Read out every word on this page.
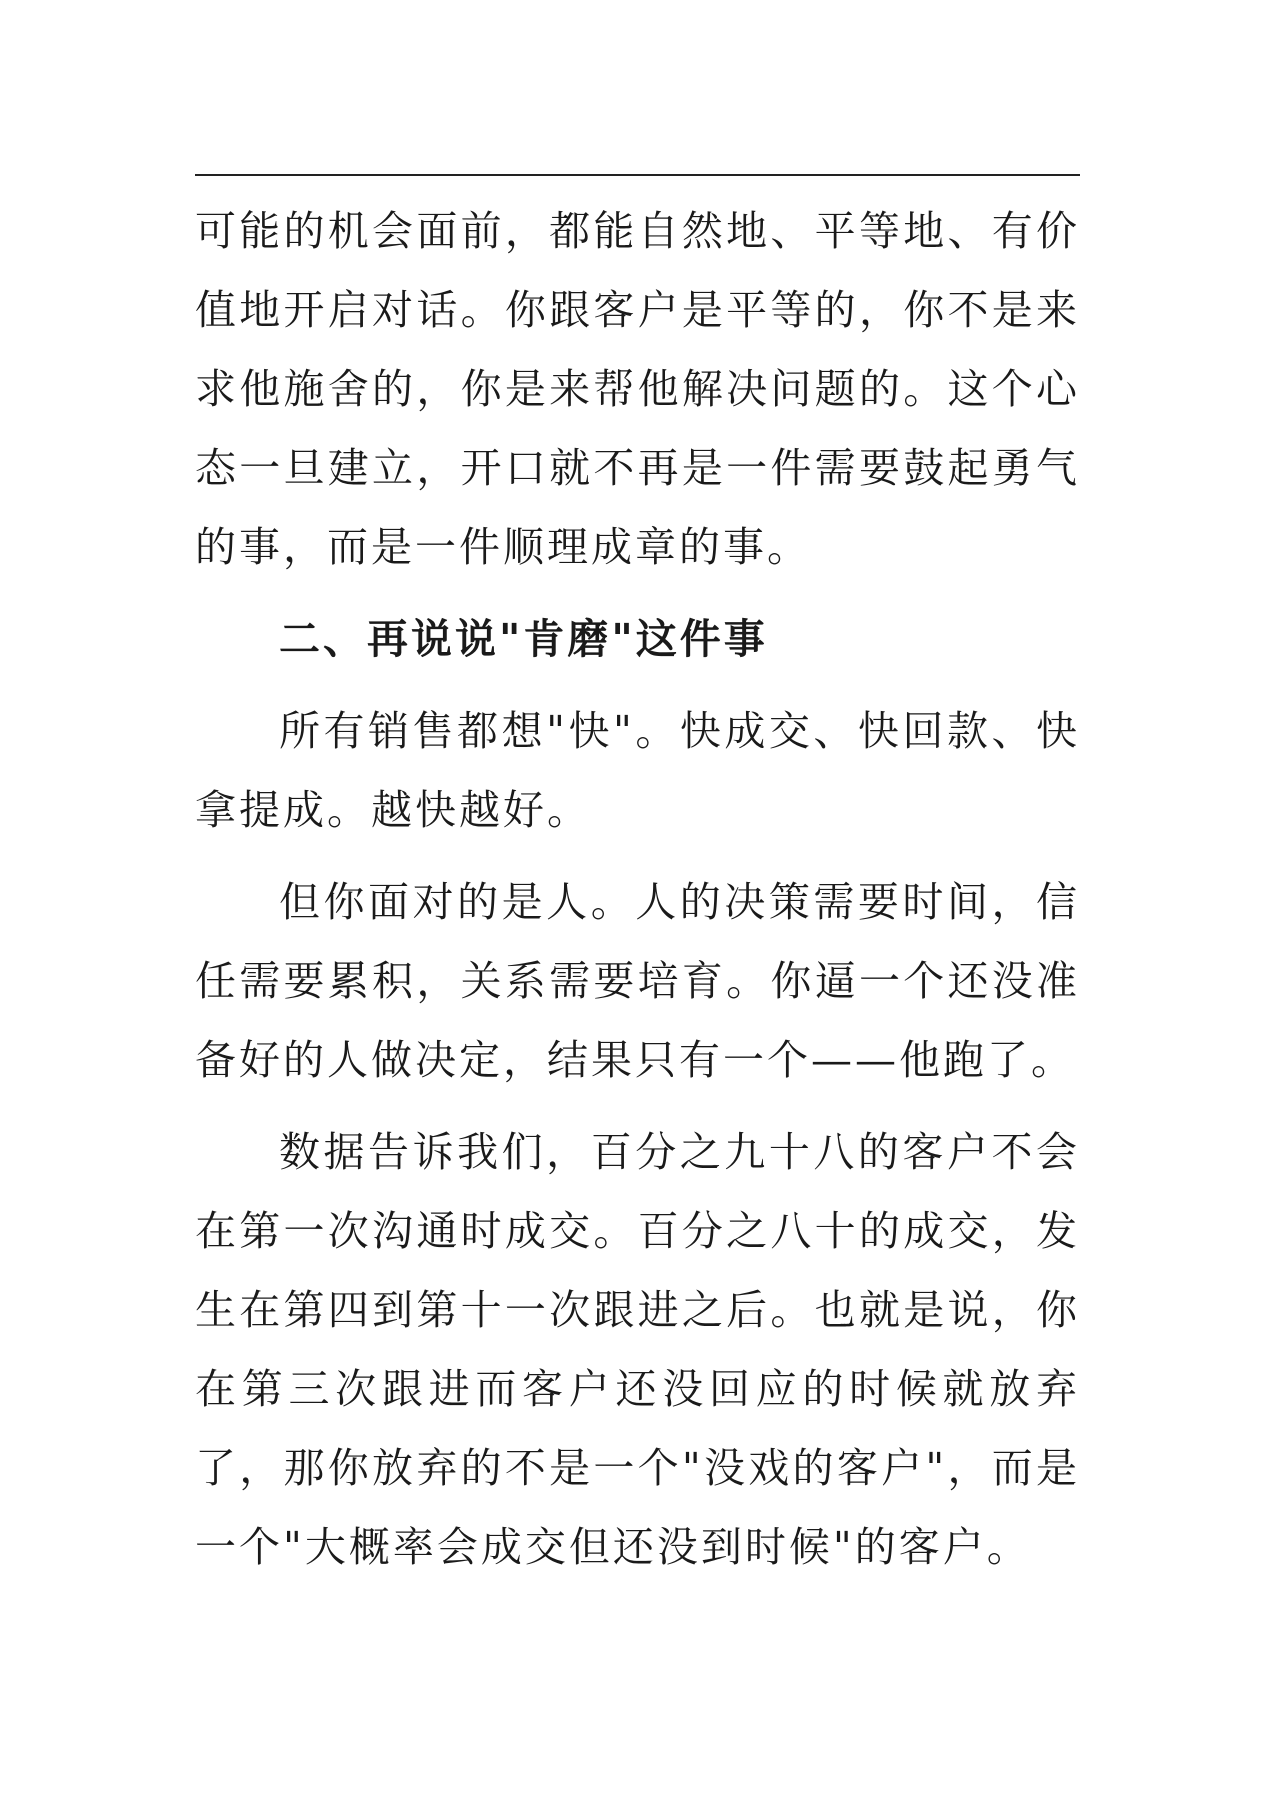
可能的机会面前，都能自然地、平等地、有价值地开启对话。你跟客户是平等的，你不是来求他施舍的，你是来帮他解决问题的。这个心态一旦建立，开口就不再是一件需要鼓起勇气的事，而是一件顺理成章的事。

二、再说说"肯磨"这件事

所有销售都想"快"。快成交、快回款、快拿提成。越快越好。

但你面对的是人。人的决策需要时间，信任需要累积，关系需要培育。你逼一个还没准备好的人做决定，结果只有一个——他跑了。

数据告诉我们，百分之九十八的客户不会在第一次沟通时成交。百分之八十的成交，发生在第四到第十一次跟进之后。也就是说，你在第三次跟进而客户还没回应的时候就放弃了，那你放弃的不是一个"没戏的客户"，而是一个"大概率会成交但还没到时候"的客户。
